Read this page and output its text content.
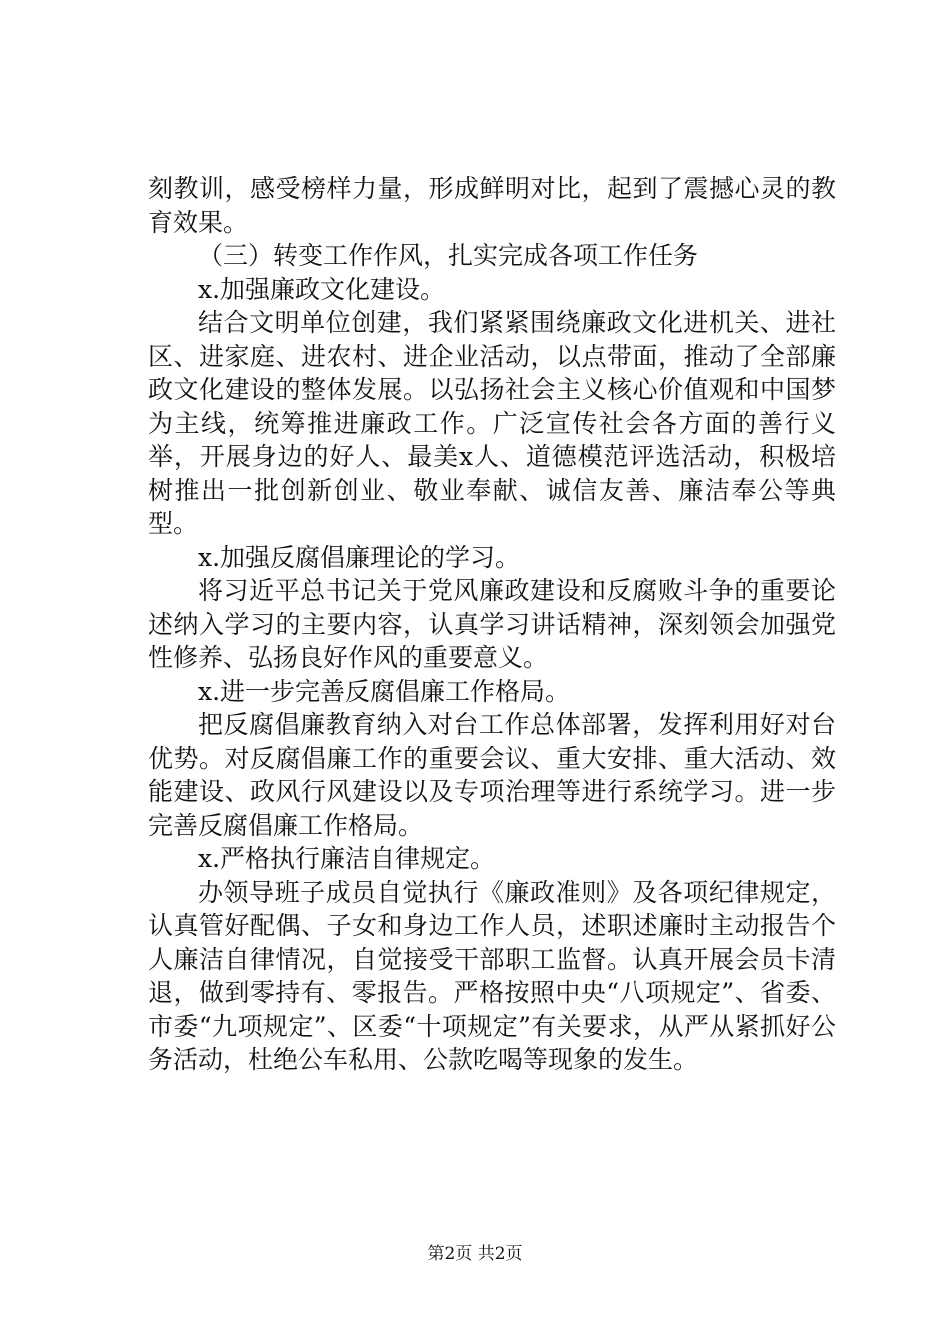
刻教训，感受榜样力量，形成鲜明对比，起到了震撼心灵的教育效果。

（三）转变工作作风，扎实完成各项工作任务

x.加强廉政文化建设。

结合文明单位创建，我们紧紧围绕廉政文化进机关、进社区、进家庭、进农村、进企业活动，以点带面，推动了全部廉政文化建设的整体发展。以弘扬社会主义核心价值观和中国梦为主线，统筹推进廉政工作。广泛宣传社会各方面的善行义举，开展身边的好人、最美x人、道德模范评选活动，积极培树推出一批创新创业、敬业奉献、诚信友善、廉洁奉公等典型。

x.加强反腐倡廉理论的学习。

将习近平总书记关于党风廉政建设和反腐败斗争的重要论述纳入学习的主要内容，认真学习讲话精神，深刻领会加强党性修养、弘扬良好作风的重要意义。

x.进一步完善反腐倡廉工作格局。

把反腐倡廉教育纳入对台工作总体部署，发挥利用好对台优势。对反腐倡廉工作的重要会议、重大安排、重大活动、效能建设、政风行风建设以及专项治理等进行系统学习。进一步完善反腐倡廉工作格局。

x.严格执行廉洁自律规定。

办领导班子成员自觉执行《廉政准则》及各项纪律规定，认真管好配偶、子女和身边工作人员，述职述廉时主动报告个人廉洁自律情况，自觉接受干部职工监督。认真开展会员卡清退，做到零持有、零报告。严格按照中央“八项规定”、省委、市委“九项规定”、区委“十项规定”有关要求，从严从紧抓好公务活动，杜绝公车私用、公款吃喝等现象的发生。

第2页 共2页
